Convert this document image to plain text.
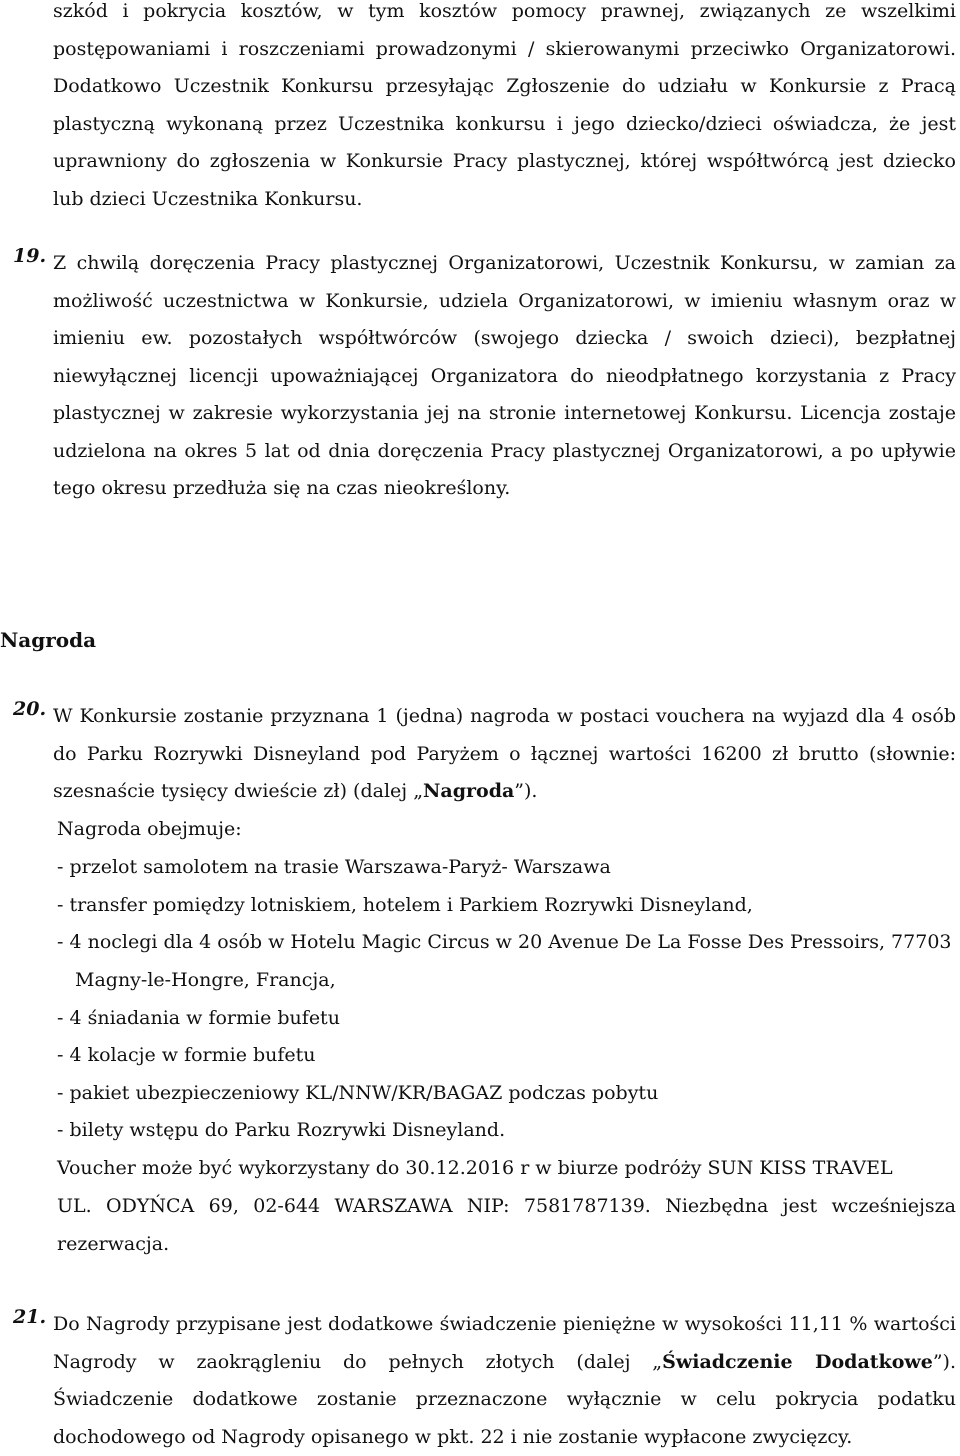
szkód i pokrycia kosztów, w tym kosztów pomocy prawnej, związanych ze wszelkimi
postępowaniami i roszczeniami prowadzonymi / skierowanymi przeciwko Organizatorowi.
Dodatkowo Uczestnik Konkursu przesyłając Zgłoszenie do udziału w Konkursie z Pracą
plastyczną wykonaną przez Uczestnika konkursu i jego dziecko/dzieci oświadcza, że jest
uprawniony do zgłoszenia w Konkursie Pracy plastycznej, której współtwórcą jest dziecko
lub dzieci Uczestnika Konkursu.
19. Z chwilą doręczenia Pracy plastycznej Organizatorowi, Uczestnik Konkursu, w zamian za
możliwość uczestnictwa w Konkursie, udziela Organizatorowi, w imieniu własnym oraz w
imieniu ew. pozostałych współtwórców (swojego dziecka / swoich dzieci), bezpłatnej
niewyłącznej licencji upoważniającej Organizatora do nieodpłatnego korzystania z Pracy
plastycznej w zakresie wykorzystania jej na stronie internetowej Konkursu. Licencja zostaje
udzielona na okres 5 lat od dnia doręczenia Pracy plastycznej Organizatorowi, a po upływie
tego okresu przedłuża się na czas nieokreślony.
Nagroda
20. W Konkursie zostanie przyznana 1 (jedna) nagroda w postaci vouchera na wyjazd dla 4 osób
do Parku Rozrywki Disneyland pod Paryżem o łącznej wartości 16200 zł brutto (słownie:
szesnaście tysięcy dwieście zł) (dalej „Nagroda”).
Nagroda obejmuje:
- przelot samolotem na trasie Warszawa-Paryż- Warszawa
- transfer pomiędzy lotniskiem, hotelem i Parkiem Rozrywki Disneyland,
- 4 noclegi dla 4 osób w Hotelu Magic Circus w 20 Avenue De La Fosse Des Pressoirs, 77703
Magny-le-Hongre, Francja,
- 4 śniadania w formie bufetu
- 4 kolacje w formie bufetu
- pakiet ubezpieczeniowy KL/NNW/KR/BAGAZ podczas pobytu
- bilety wstępu do Parku Rozrywki Disneyland.
Voucher może być wykorzystany do 30.12.2016 r w biurze podróży SUN KISS TRAVEL
UL. ODYŃCA 69, 02-644 WARSZAWA NIP: 7581787139. Niezbędna jest wcześniejsza
rezerwacja.
21. Do Nagrody przypisane jest dodatkowe świadczenie pieniężne w wysokości 11,11 % wartości
Nagrody w zaokrągleniu do pełnych złotych (dalej „Świadczenie Dodatkowe”).
Świadczenie dodatkowe zostanie przeznaczone wyłącznie w celu pokrycia podatku
dochodowego od Nagrody opisanego w pkt. 22 i nie zostanie wypłacone zwycięzcy.
